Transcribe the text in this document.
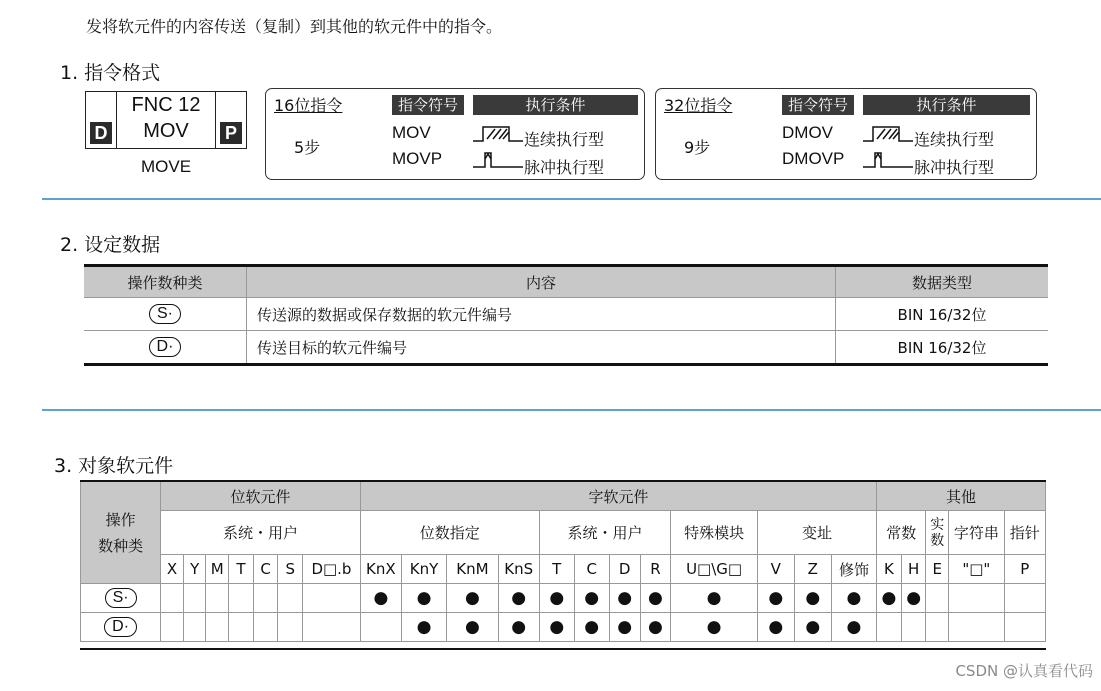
发将软元件的内容传送（复制）到其他的软元件中的指令。
1. 指令格式
D
FNC 12
MOV	P
MOVE
16位指令
5步
指令符号	执行条件
MOV
MOVP
连续执行型
脉冲执行型
32位指令
9步
指令符号	执行条件
DMOV
DMOVP
连续执行型
脉冲执行型
2. 设定数据
操作数种类	内容	数据类型
S·	传送源的数据或保存数据的软元件编号	BIN 16/32位
D·	传送目标的软元件编号	BIN 16/32位
3. 对象软元件
操作
数种类	位软元件							字软元件												其他				
	系统・用户							位数指定				系统・用户				特殊模块	变址			常数		实数	字符串	指针
	X	Y	M	T	C	S	D□.b	KnX	KnY	KnM	KnS	T	C	D	R	U□\G□	V	Z	修饰	K	H	E	"□"	P
S·								●	●	●	●	●	●	●	●	●	●	●	●	●	●			
D·									●	●	●	●	●	●	●	●	●	●	●					
CSDN @认真看代码
